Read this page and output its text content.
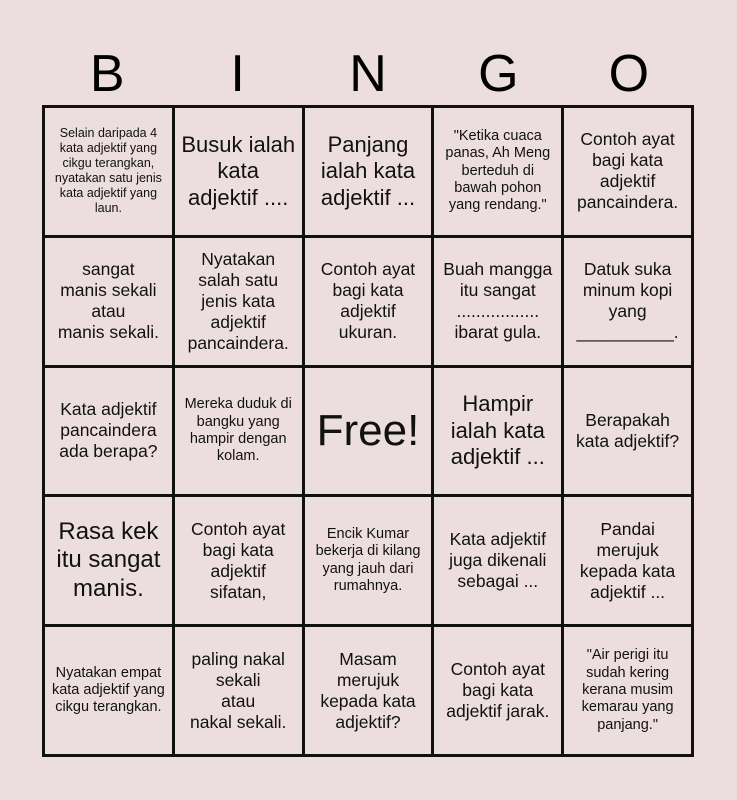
B	I	N	G	O
Selain daripada 4 kata adjektif yang cikgu terangkan, nyatakan satu jenis kata adjektif yang laun.
Busuk ialah kata adjektif ....
Panjang ialah kata adjektif ...
"Ketika cuaca panas, Ah Meng berteduh di bawah pohon yang rendang."
Contoh ayat bagi kata adjektif pancaindera.
sangat
manis sekali
atau
manis sekali.
Nyatakan salah satu jenis kata adjektif pancaindera.
Contoh ayat bagi kata adjektif ukuran.
Buah mangga itu sangat ................. ibarat gula.
Datuk suka minum kopi yang __________.
Kata adjektif pancaindera ada berapa?
Mereka duduk di bangku yang hampir dengan kolam.
Free!
Hampir ialah kata adjektif ...
Berapakah kata adjektif?
Rasa kek itu sangat manis.
Contoh ayat bagi kata adjektif sifatan,
Encik Kumar bekerja di kilang yang jauh dari rumahnya.
Kata adjektif juga dikenali sebagai ...
Pandai merujuk kepada kata adjektif ...
Nyatakan empat kata adjektif yang cikgu terangkan.
paling nakal
sekali
atau
nakal sekali.
Masam merujuk kepada kata adjektif?
Contoh ayat bagi kata adjektif jarak.
"Air perigi itu sudah kering kerana musim kemarau yang panjang."
